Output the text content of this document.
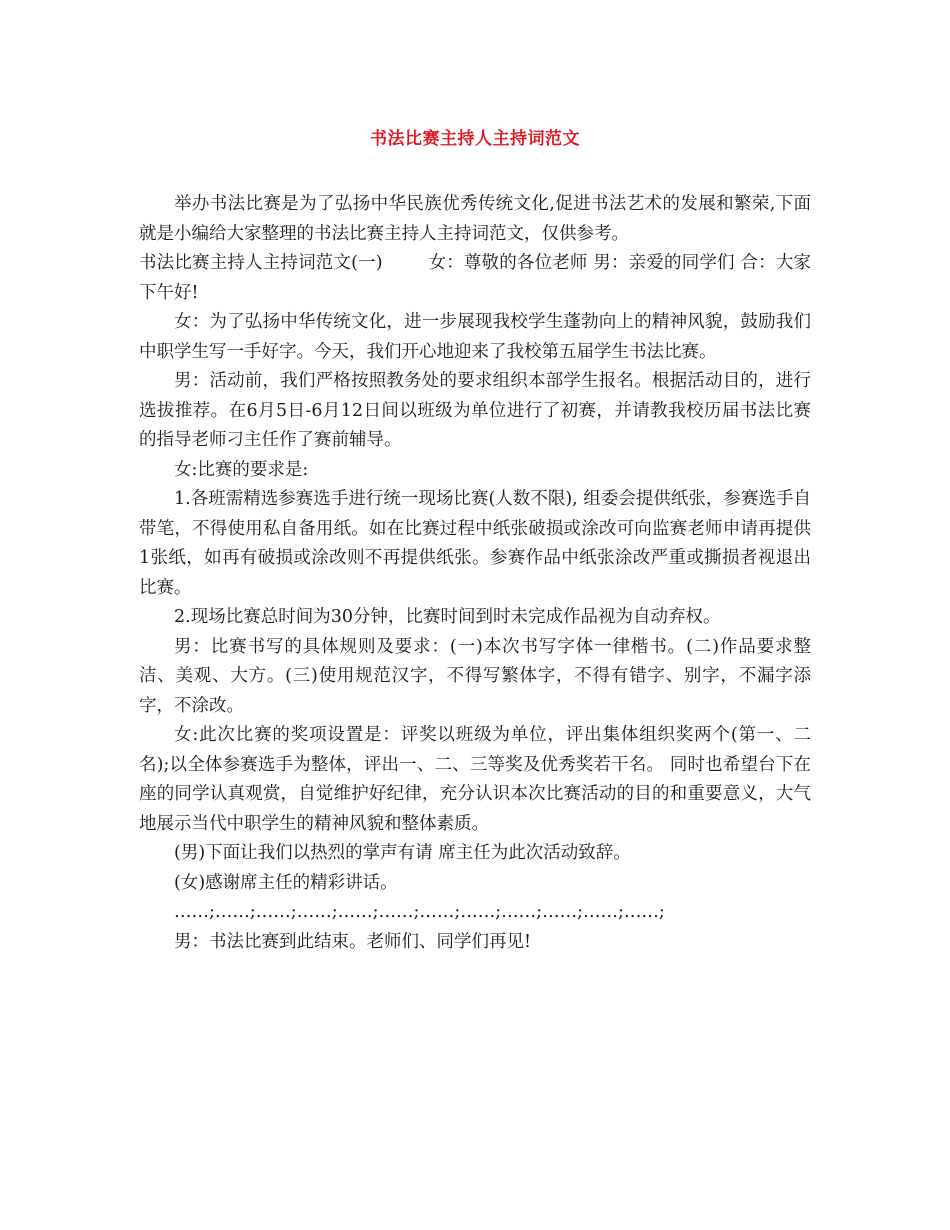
书法比赛主持人主持词范文

举办书法比赛是为了弘扬中华民族优秀传统文化,促进书法艺术的发展和繁荣,下面就是小编给大家整理的书法比赛主持人主持词范文，仅供参考。

书法比赛主持人主持词范文(一)        女：尊敬的各位老师 男：亲爱的同学们 合：大家下午好!

女：为了弘扬中华传统文化，进一步展现我校学生蓬勃向上的精神风貌，鼓励我们中职学生写一手好字。今天，我们开心地迎来了我校第五届学生书法比赛。

男：活动前，我们严格按照教务处的要求组织本部学生报名。根据活动目的，进行选拔推荐。在6月5日-6月12日间以班级为单位进行了初赛，并请教我校历届书法比赛的指导老师刁主任作了赛前辅导。

女:比赛的要求是:

1.各班需精选参赛选手进行统一现场比赛(人数不限), 组委会提供纸张，参赛选手自带笔，不得使用私自备用纸。如在比赛过程中纸张破损或涂改可向监赛老师申请再提供1张纸，如再有破损或涂改则不再提供纸张。参赛作品中纸张涂改严重或撕损者视退出比赛。

2.现场比赛总时间为30分钟，比赛时间到时未完成作品视为自动弃权。

男：比赛书写的具体规则及要求：(一)本次书写字体一律楷书。(二)作品要求整洁、美观、大方。(三)使用规范汉字，不得写繁体字，不得有错字、别字，不漏字添字，不涂改。

女:此次比赛的奖项设置是：评奖以班级为单位，评出集体组织奖两个(第一、二名);以全体参赛选手为整体，评出一、二、三等奖及优秀奖若干名。 同时也希望台下在座的同学认真观赏，自觉维护好纪律，充分认识本次比赛活动的目的和重要意义，大气地展示当代中职学生的精神风貌和整体素质。

(男)下面让我们以热烈的掌声有请 席主任为此次活动致辞。

(女)感谢席主任的精彩讲话。

……;……;……;……;……;……;……;……;……;……;……;……;

男：书法比赛到此结束。老师们、同学们再见!
